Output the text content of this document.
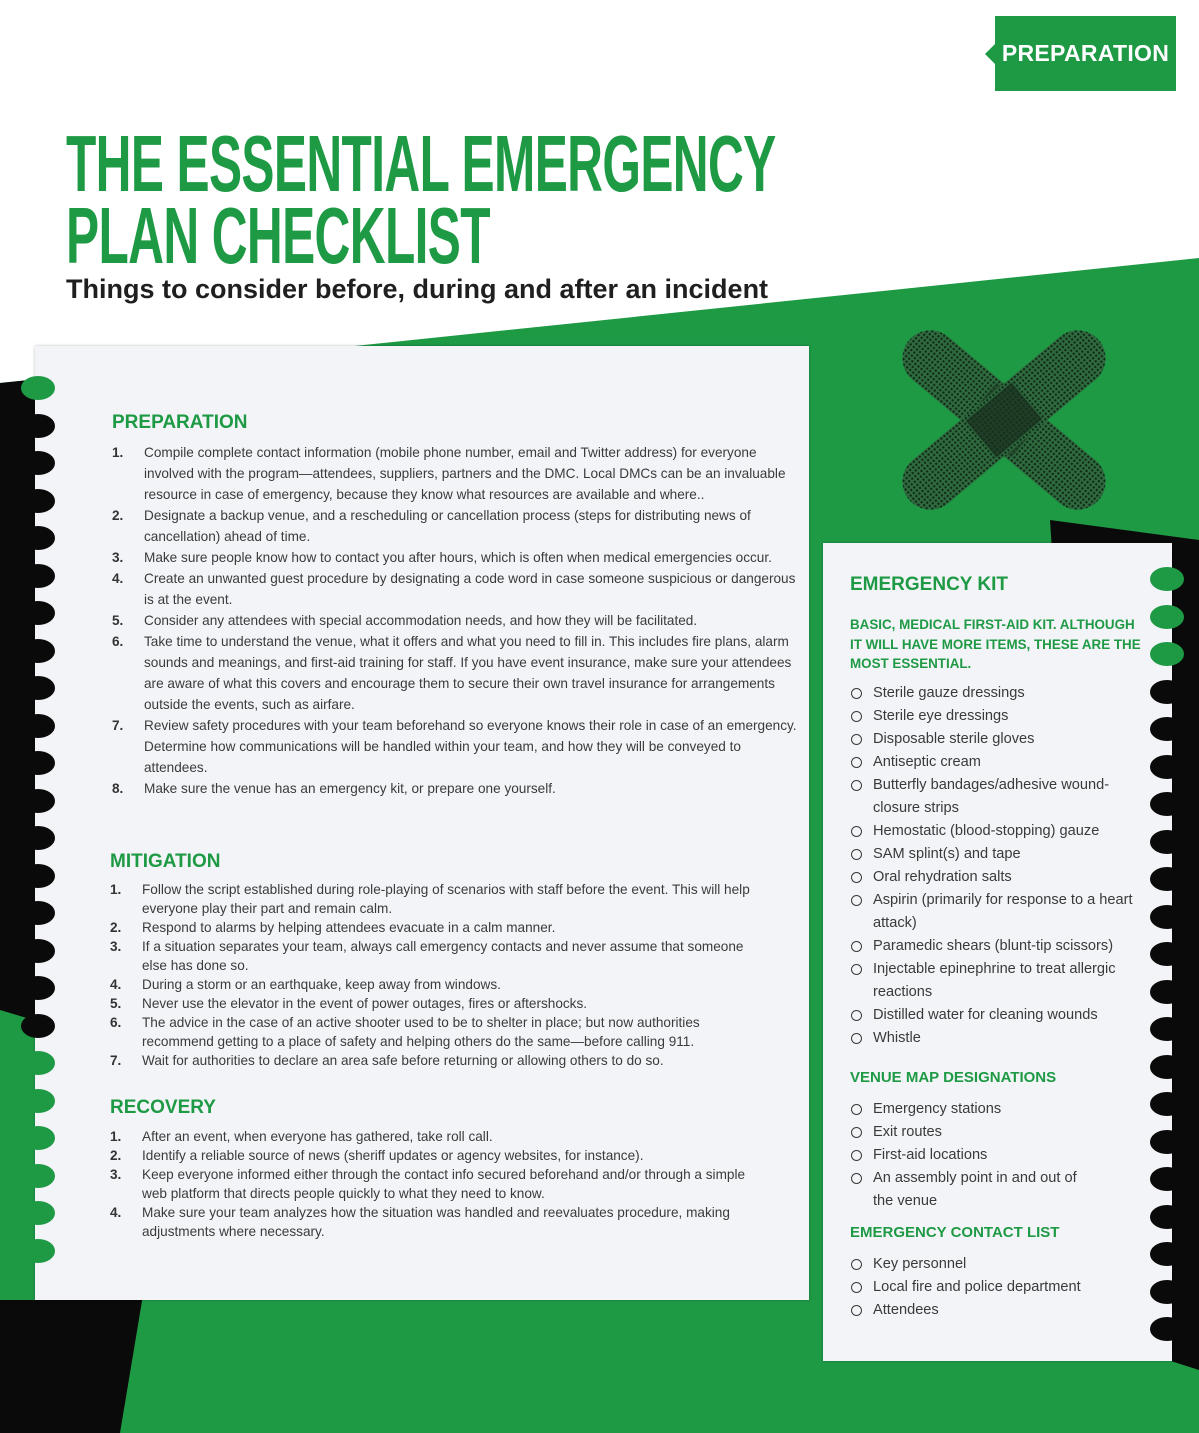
PREPARATION
THE ESSENTIAL EMERGENCY
PLAN CHECKLIST

Things to consider before, during and after an incident

PREPARATION
1. Compile complete contact information (mobile phone number, email and Twitter address) for everyone involved with the program—attendees, suppliers, partners and the DMC. Local DMCs can be an invaluable resource in case of emergency, because they know what resources are available and where..
2. Designate a backup venue, and a rescheduling or cancellation process (steps for distributing news of cancellation) ahead of time.
3. Make sure people know how to contact you after hours, which is often when medical emergencies occur.
4. Create an unwanted guest procedure by designating a code word in case someone suspicious or dangerous is at the event.
5. Consider any attendees with special accommodation needs, and how they will be facilitated.
6. Take time to understand the venue, what it offers and what you need to fill in. This includes fire plans, alarm sounds and meanings, and first-aid training for staff. If you have event insurance, make sure your attendees are aware of what this covers and encourage them to secure their own travel insurance for arrangements outside the events, such as airfare.
7. Review safety procedures with your team beforehand so everyone knows their role in case of an emergency. Determine how communications will be handled within your team, and how they will be conveyed to attendees.
8. Make sure the venue has an emergency kit, or prepare one yourself.
MITIGATION
1. Follow the script established during role-playing of scenarios with staff before the event. This will help everyone play their part and remain calm.
2. Respond to alarms by helping attendees evacuate in a calm manner.
3. If a situation separates your team, always call emergency contacts and never assume that someone else has done so.
4. During a storm or an earthquake, keep away from windows.
5. Never use the elevator in the event of power outages, fires or aftershocks.
6. The advice in the case of an active shooter used to be to shelter in place; but now authorities recommend getting to a place of safety and helping others do the same—before calling 911.
7. Wait for authorities to declare an area safe before returning or allowing others to do so.
RECOVERY
1. After an event, when everyone has gathered, take roll call.
2. Identify a reliable source of news (sheriff updates or agency websites, for instance).
3. Keep everyone informed either through the contact info secured beforehand and/or through a simple web platform that directs people quickly to what they need to know.
4. Make sure your team analyzes how the situation was handled and reevaluates procedure, making adjustments where necessary.
EMERGENCY KIT

BASIC, MEDICAL FIRST-AID KIT. ALTHOUGH IT WILL HAVE MORE ITEMS, THESE ARE THE MOST ESSENTIAL.

Sterile gauze dressings
Sterile eye dressings
Disposable sterile gloves
Antiseptic cream
Butterfly bandages/adhesive wound-closure strips
Hemostatic (blood-stopping) gauze
SAM splint(s) and tape
Oral rehydration salts
Aspirin (primarily for response to a heart attack)
Paramedic shears (blunt-tip scissors)
Injectable epinephrine to treat allergic reactions
Distilled water for cleaning wounds
Whistle
VENUE MAP DESIGNATIONS
Emergency stations
Exit routes
First-aid locations
An assembly point in and out of the venue
EMERGENCY CONTACT LIST
Key personnel
Local fire and police department
Attendees
